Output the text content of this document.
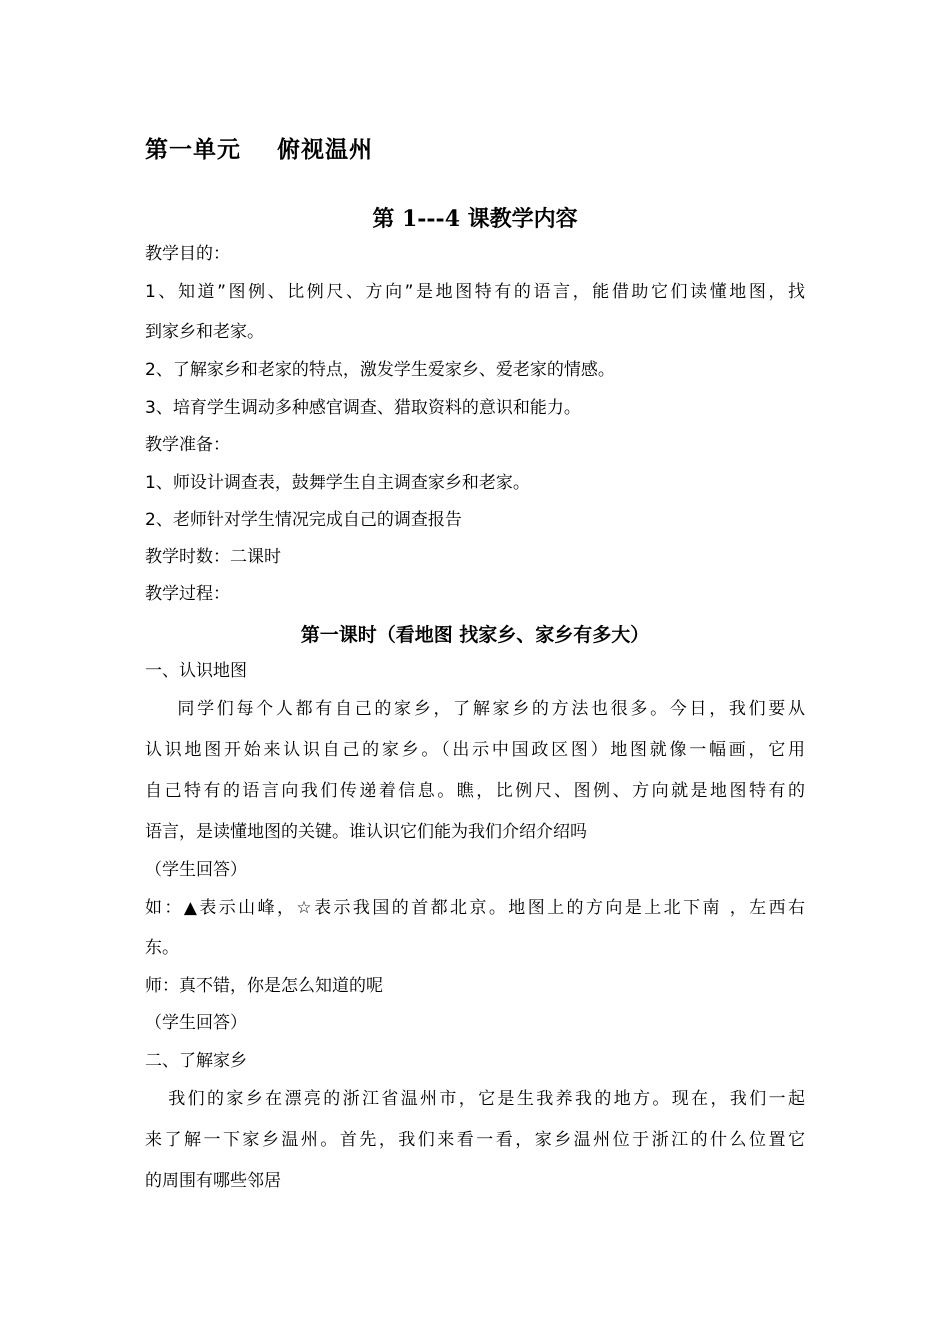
第一单元    俯视温州
第 1---4 课教学内容

教学目的：

1、知道”图例、比例尺、方向”是地图特有的语言，能借助它们读懂地图，找

到家乡和老家。

2、了解家乡和老家的特点，激发学生爱家乡、爱老家的情感。

3、培育学生调动多种感官调查、猎取资料的意识和能力。

教学准备：

1、师设计调查表，鼓舞学生自主调查家乡和老家。

2、老师针对学生情况完成自己的调查报告

教学时数：二课时

教学过程：

第一课时（看地图 找家乡、家乡有多大）

一、认识地图

同学们每个人都有自己的家乡，了解家乡的方法也很多。今日，我们要从

认识地图开始来认识自己的家乡。（出示中国政区图）地图就像一幅画，它用

自己特有的语言向我们传递着信息。瞧，比例尺、图例、方向就是地图特有的

语言，是读懂地图的关键。谁认识它们能为我们介绍介绍吗

（学生回答）

如：▲表示山峰，☆表示我国的首都北京。地图上的方向是上北下南 ，左西右

东。

师：真不错，你是怎么知道的呢

（学生回答）

二、了解家乡

我们的家乡在漂亮的浙江省温州市，它是生我养我的地方。现在，我们一起

来了解一下家乡温州。首先，我们来看一看，家乡温州位于浙江的什么位置它

的周围有哪些邻居
